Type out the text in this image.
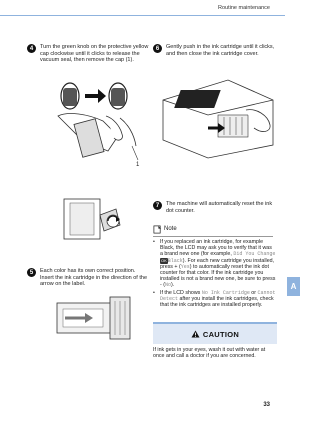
Routine maintenance
A
33
4	Turn the green knob on the protective yellow cap clockwise until it clicks to release the vacuum seal, then remove the cap (1).
1
5	Each color has its own correct position. Insert the ink cartridge in the direction of the arrow on the label.
6	Gently push in the ink cartridge until it clicks, and then close the ink cartridge cover.
7	The machine will automatically reset the ink dot counter.
Note
• If you replaced an ink cartridge, for example Black, the LCD may ask you to verify that it was a brand new one (for example, Did You Change OKBlack). For each new cartridge you installed, press + (Yes) to automatically reset the ink dot counter for that color. If the ink cartridge you installed is not a brand new one, be sure to press - (No).
• If the LCD shows No Ink Cartridge or Cannot Detect after you install the ink cartridges, check that the ink cartridges are installed properly.
CAUTION
If ink gets in your eyes, wash it out with water at once and call a doctor if you are concerned.
